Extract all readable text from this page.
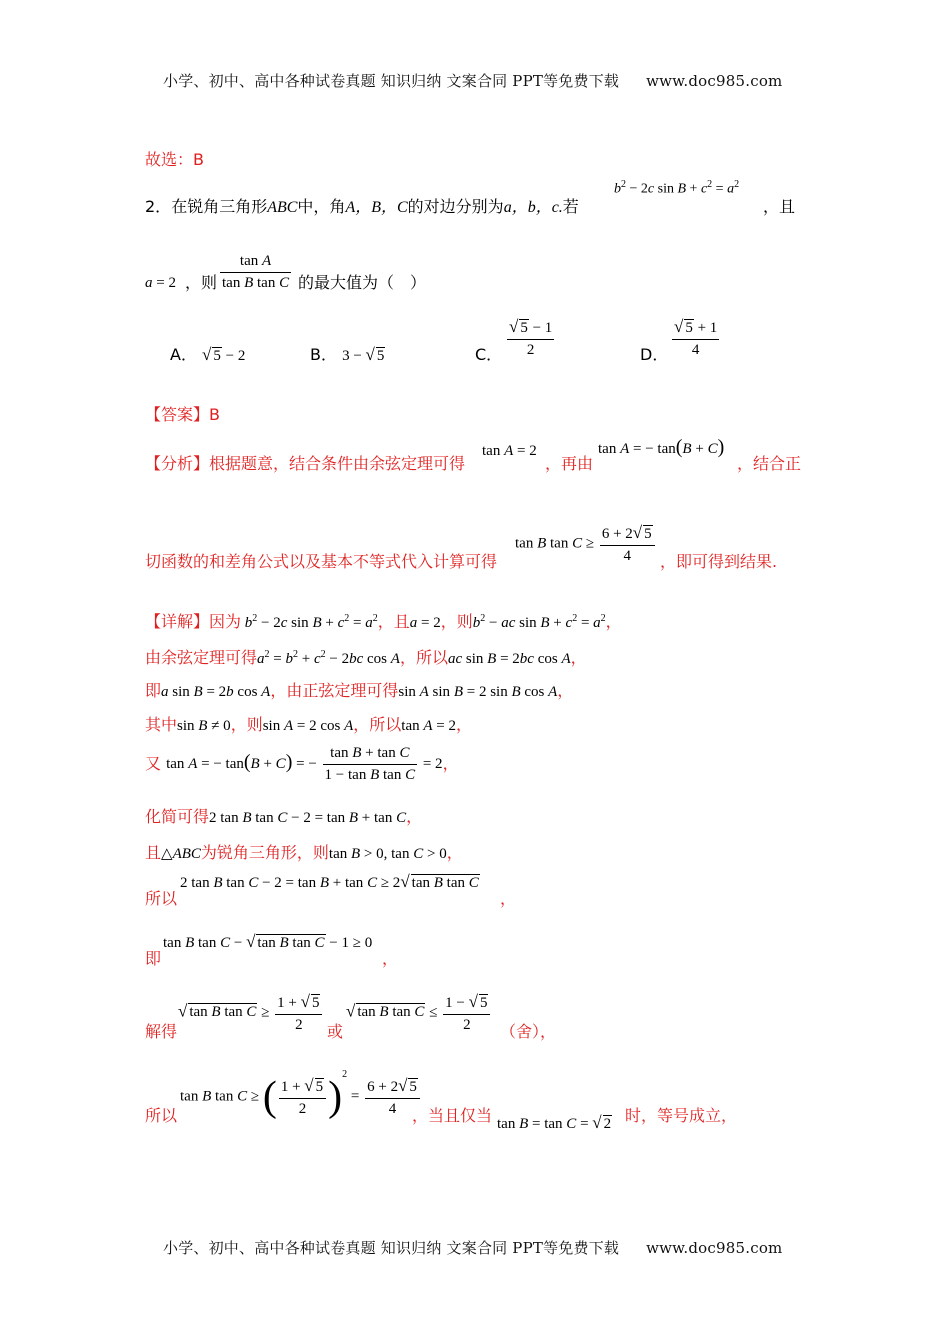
小学、初中、高中各种试卷真题 知识归纳 文案合同 PPT等免费下载 www.doc985.com
故选：B
2．在锐角三角形ABC中，角A，B，C的对边分别为a，b，c.若
$b^2 - 2c$ $\sin B + c^2 = a^2$
，且
a = 2 ，则 $\frac{\text{tan A}}{\text{tan B tan C}}$ 的最大值为（　）
A． √ 5 − 2	B． 3 − √ 5	C． $\frac{√ 5 - 1}{2}$	D． $\frac{√ 5 + 1}{4}$
【答案】B
【分析】根据题意，结合条件由余弦定理可得
tan A = 2
，再由
tan A = − tan(B + C)
，结合正
切函数的和差角公式以及基本不等式代入计算可得
tan B $\tan C \ge \frac{6 + 2√ 5}{4}$ ，即可得到结果.
【详解】因为 $b^2 - 2c$ $\sin B + c^2 = a^2$，且a = 2，则$b^2$ − ac $\sin B + c^2 = a^2$，
由余弦定理可得$a^2 = b^2 + c^2 - 2bc$ cos A，所以ac sin B = 2bc cos A，
即a sin B = 2b cos A，由正弦定理可得sin A sin B = 2 sin B cos A，
其中sin B ≠ 0，则sin A = 2 cos A，所以tan A = 2，
又 tan A = − tan(B + C) = − $\frac{\text{tan B + tan C}}{\text{1 − tan B tan C}} = 2$，
化简可得2 tan B tan C − 2 = tan B + tan C，
且△ABC为锐角三角形，则tan B > 0, tan C > 0，
所以
2 tan B tan C − 2 = tan B + tan C ≥ 2√ tan B tan C
，
即
tan B tan C − √ tan B tan C − 1 ≥ 0
，
解得
√ tan B $\tan C \ge \frac{1 + √ 5}{2}$ 或
√ tan B $\tan C \le \frac{1 - √ 5}{2}$ （舍），
所以
tan B tan C ≥ ( $\frac{1 + √ 5}{2} )^2 = \frac{6 + 2√ 5}{4}$
，当且仅当 tan B = tan C = √ 2 时，等号成立，
小学、初中、高中各种试卷真题 知识归纳 文案合同 PPT等免费下载 www.doc985.com
